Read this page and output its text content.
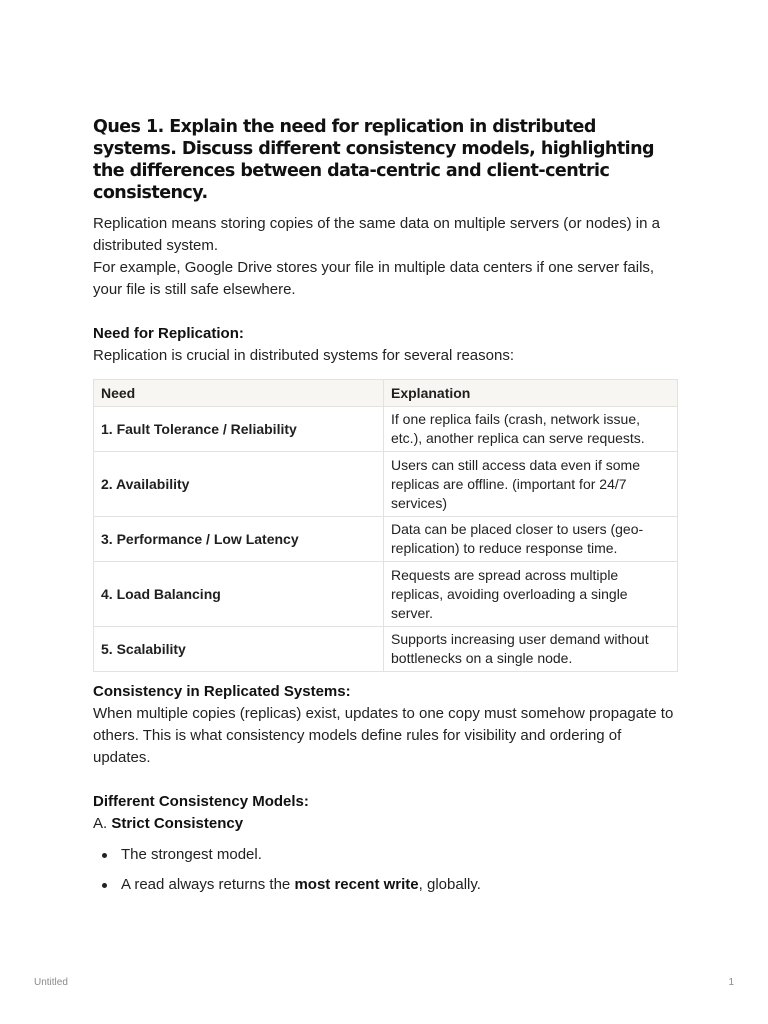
Ques 1. Explain the need for replication in distributed systems. Discuss different consistency models, highlighting the differences between data-centric and client-centric consistency.

Replication means storing copies of the same data on multiple servers (or nodes) in a distributed system.

For example, Google Drive stores your file in multiple data centers if one server fails, your file is still safe elsewhere.

Need for Replication:

Replication is crucial in distributed systems for several reasons:

Need	Explanation
1. Fault Tolerance / Reliability	If one replica fails (crash, network issue, etc.), another replica can serve requests.
2. Availability	Users can still access data even if some replicas are offline. (important for 24/7 services)
3. Performance / Low Latency	Data can be placed closer to users (geo-replication) to reduce response time.
4. Load Balancing	Requests are spread across multiple replicas, avoiding overloading a single server.
5. Scalability	Supports increasing user demand without bottlenecks on a single node.

Consistency in Replicated Systems:

When multiple copies (replicas) exist, updates to one copy must somehow propagate to others. This is what consistency models define rules for visibility and ordering of updates.

Different Consistency Models:

A. Strict Consistency

The strongest model.
A read always returns the most recent write, globally.
Untitled	1
